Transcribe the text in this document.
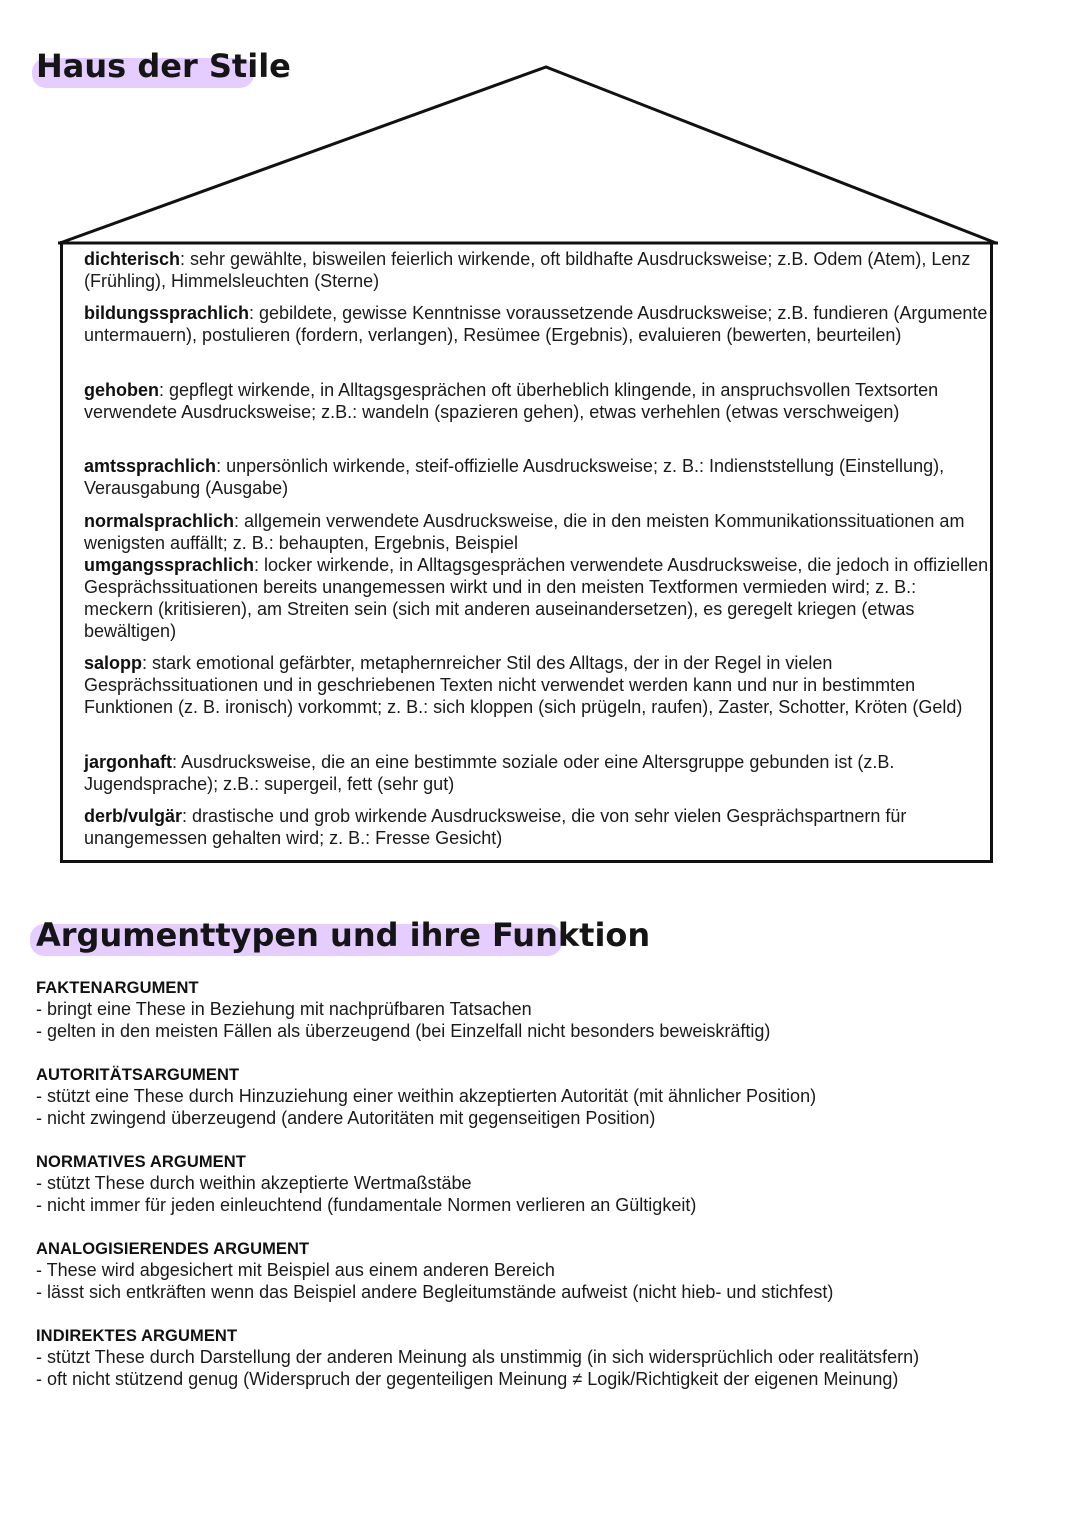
Haus der Stile

dichterisch: sehr gewählte, bisweilen feierlich wirkende, oft bildhafte Ausdrucksweise; z.B. Odem (Atem), Lenz (Frühling), Himmelsleuchten (Sterne)

bildungssprachlich: gebildete, gewisse Kenntnisse voraussetzende Ausdrucksweise; z.B. fundieren (Argumente untermauern), postulieren (fordern, verlangen), Resümee (Ergebnis), evaluieren (bewerten, beurteilen)

gehoben: gepflegt wirkende, in Alltagsgesprächen oft überheblich klingende, in anspruchsvollen Textsorten verwendete Ausdrucksweise; z.B.: wandeln (spazieren gehen), etwas verhehlen (etwas verschweigen)

amtssprachlich: unpersönlich wirkende, steif-offizielle Ausdrucksweise; z. B.: Indienststellung (Einstellung), Verausgabung (Ausgabe)

normalsprachlich: allgemein verwendete Ausdrucksweise, die in den meisten Kommunikationssituationen am wenigsten auffällt; z. B.: behaupten, Ergebnis, Beispiel

umgangssprachlich: locker wirkende, in Alltagsgesprächen verwendete Ausdrucksweise, die jedoch in offiziellen Gesprächssituationen bereits unangemessen wirkt und in den meisten Textformen vermieden wird; z. B.: meckern (kritisieren), am Streiten sein (sich mit anderen auseinandersetzen), es geregelt kriegen (etwas bewältigen)

salopp: stark emotional gefärbter, metaphernreicher Stil des Alltags, der in der Regel in vielen Gesprächssituationen und in geschriebenen Texten nicht verwendet werden kann und nur in bestimmten Funktionen (z. B. ironisch) vorkommt; z. B.: sich kloppen (sich prügeln, raufen), Zaster, Schotter, Kröten (Geld)

jargonhaft: Ausdrucksweise, die an eine bestimmte soziale oder eine Altersgruppe gebunden ist (z.B. Jugendsprache); z.B.: supergeil, fett (sehr gut)

derb/vulgär: drastische und grob wirkende Ausdrucksweise, die von sehr vielen Gesprächspartnern für unangemessen gehalten wird; z. B.: Fresse Gesicht)

Argumenttypen und ihre Funktion

FAKTENARGUMENT

- bringt eine These in Beziehung mit nachprüfbaren Tatsachen

- gelten in den meisten Fällen als überzeugend (bei Einzelfall nicht besonders beweiskräftig)

AUTORITÄTSARGUMENT

- stützt eine These durch Hinzuziehung einer weithin akzeptierten Autorität (mit ähnlicher Position)

- nicht zwingend überzeugend (andere Autoritäten mit gegenseitigen Position)

NORMATIVES ARGUMENT

- stützt These durch weithin akzeptierte Wertmaßstäbe

- nicht immer für jeden einleuchtend (fundamentale Normen verlieren an Gültigkeit)

ANALOGISIERENDES ARGUMENT

- These wird abgesichert mit Beispiel aus einem anderen Bereich

- lässt sich entkräften wenn das Beispiel andere Begleitumstände aufweist (nicht hieb- und stichfest)

INDIREKTES ARGUMENT

- stützt These durch Darstellung der anderen Meinung als unstimmig (in sich widersprüchlich oder realitätsfern)

- oft nicht stützend genug (Widerspruch der gegenteiligen Meinung ≠ Logik/Richtigkeit der eigenen Meinung)
